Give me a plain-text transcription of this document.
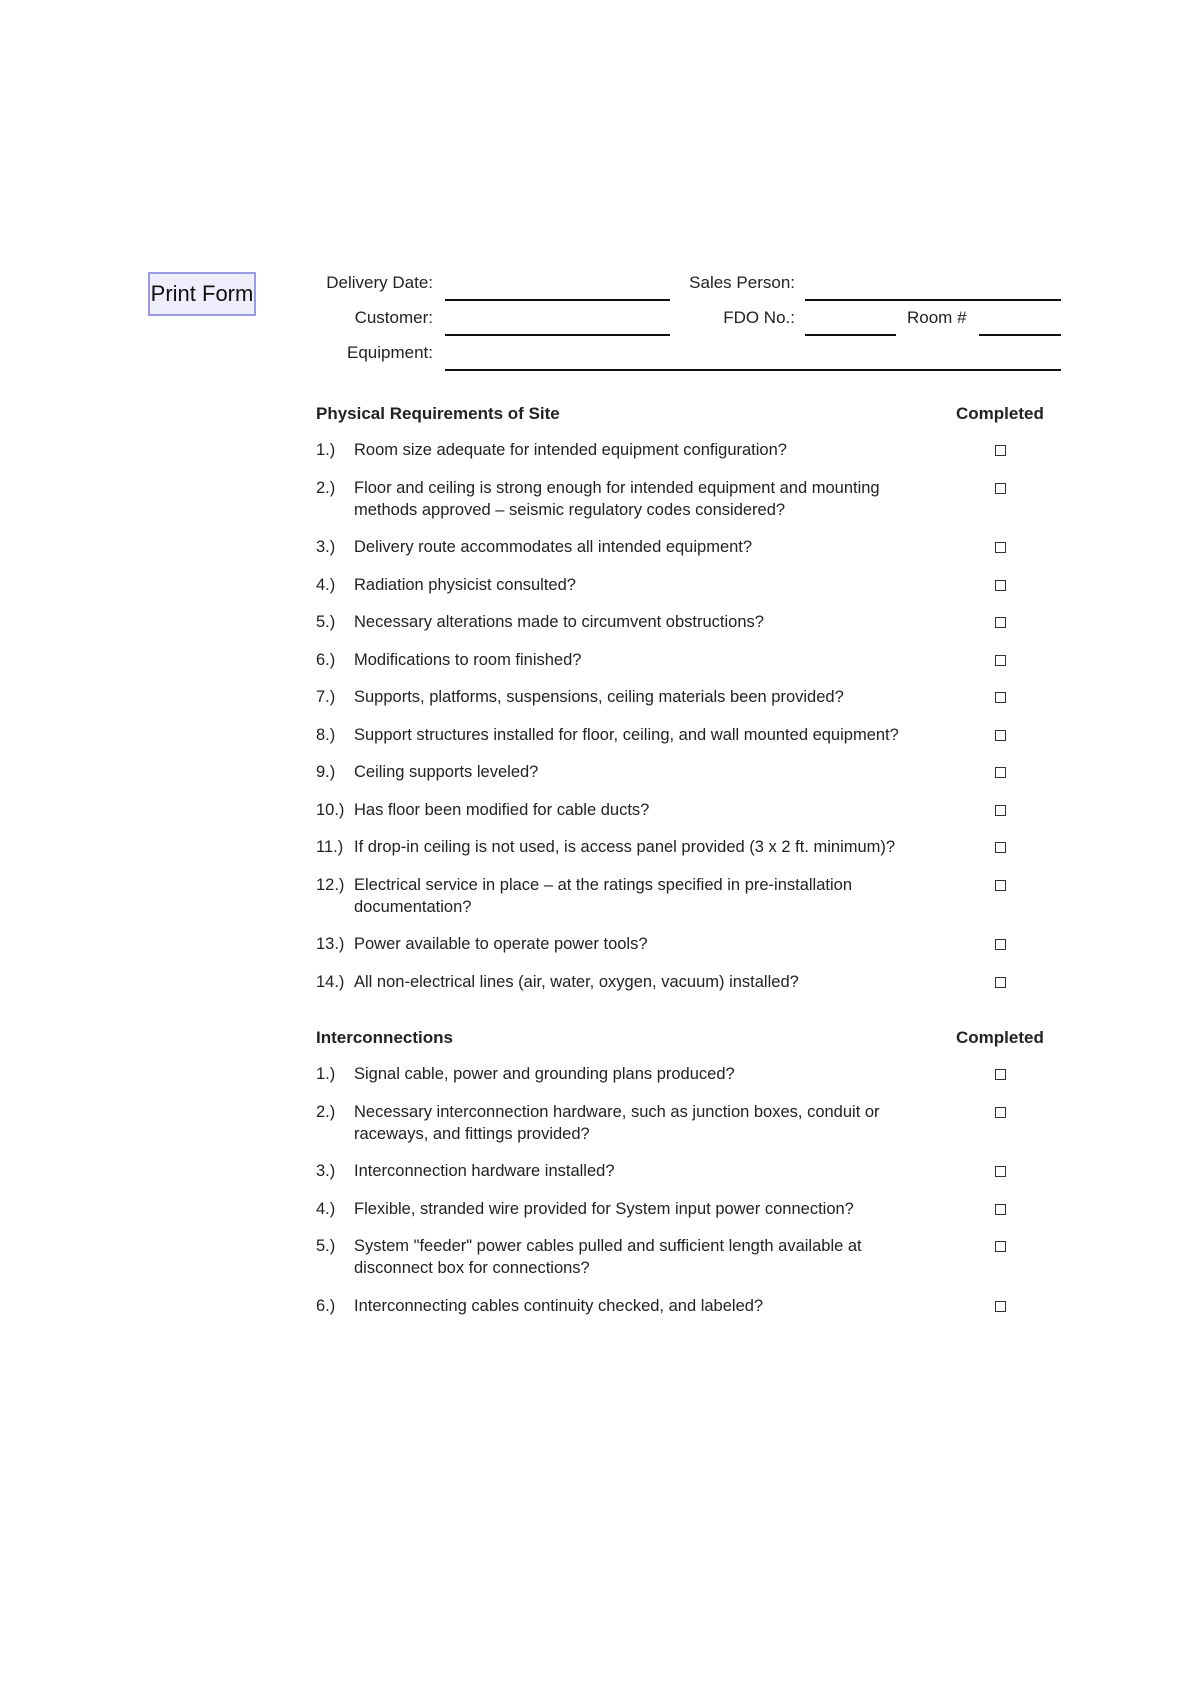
Print Form	Delivery Date:	Sales Person:
Customer:	FDO No.:	Room #
Equipment:
Physical Requirements of Site	Completed
1.)	Room size adequate for intended equipment configuration?
2.)	Floor and ceiling is strong enough for intended equipment and mounting methods approved – seismic regulatory codes considered?
3.)	Delivery route accommodates all intended equipment?
4.)	Radiation physicist consulted?
5.)	Necessary alterations made to circumvent obstructions?
6.)	Modifications to room finished?
7.)	Supports, platforms, suspensions, ceiling materials been provided?
8.)	Support structures installed for floor, ceiling, and wall mounted equipment?
9.)	Ceiling supports leveled?
10.) Has floor been modified for cable ducts?
11.) If drop-in ceiling is not used, is access panel provided (3 x 2 ft. minimum)?
12.) Electrical service in place – at the ratings specified in pre-installation documentation?
13.) Power available to operate power tools?
14.) All non-electrical lines (air, water, oxygen, vacuum) installed?
Interconnections	Completed
1.)	Signal cable, power and grounding plans produced?
2.)	Necessary interconnection hardware, such as junction boxes, conduit or raceways, and fittings provided?
3.)	Interconnection hardware installed?
4.)	Flexible, stranded wire provided for System input power connection?
5.)	System "feeder" power cables pulled and sufficient length available at disconnect box for connections?
6.)	Interconnecting cables continuity checked, and labeled?
